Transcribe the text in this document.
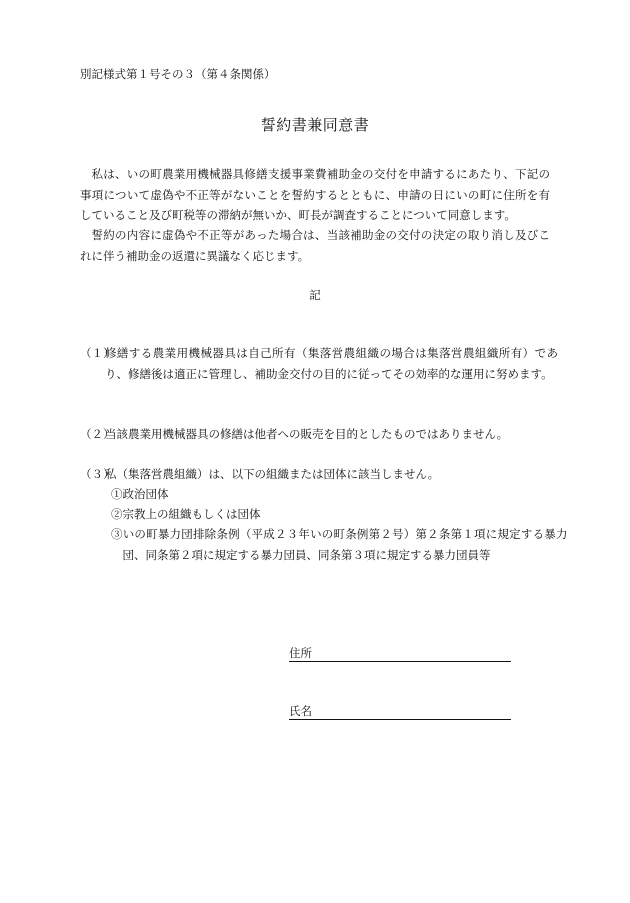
別記様式第１号その３（第４条関係）
誓約書兼同意書

私は、いの町農業用機械器具修繕支援事業費補助金の交付を申請するにあたり、下記の事項について虚偽や不正等がないことを誓約するとともに、申請の日にいの町に住所を有していること及び町税等の滞納が無いか、町長が調査することについて同意します。

誓約の内容に虚偽や不正等があった場合は、当該補助金の交付の決定の取り消し及びこれに伴う補助金の返還に異議なく応じます。

記
（１）
修繕する農業用機械器具は自己所有（集落営農組織の場合は集落営農組織所有）であり、修繕後は適正に管理し、補助金交付の目的に従ってその効率的な運用に努めます。
（２）
当該農業用機械器具の修繕は他者への販売を目的としたものではありません。
（３）
私（集落営農組織）は、以下の組織または団体に該当しません。
①政治団体
②宗教上の組織もしくは団体
③いの町暴力団排除条例（平成２３年いの町条例第２号）第２条第１項に規定する暴力団、同条第２項に規定する暴力団員、同条第３項に規定する暴力団員等
住所
氏名
